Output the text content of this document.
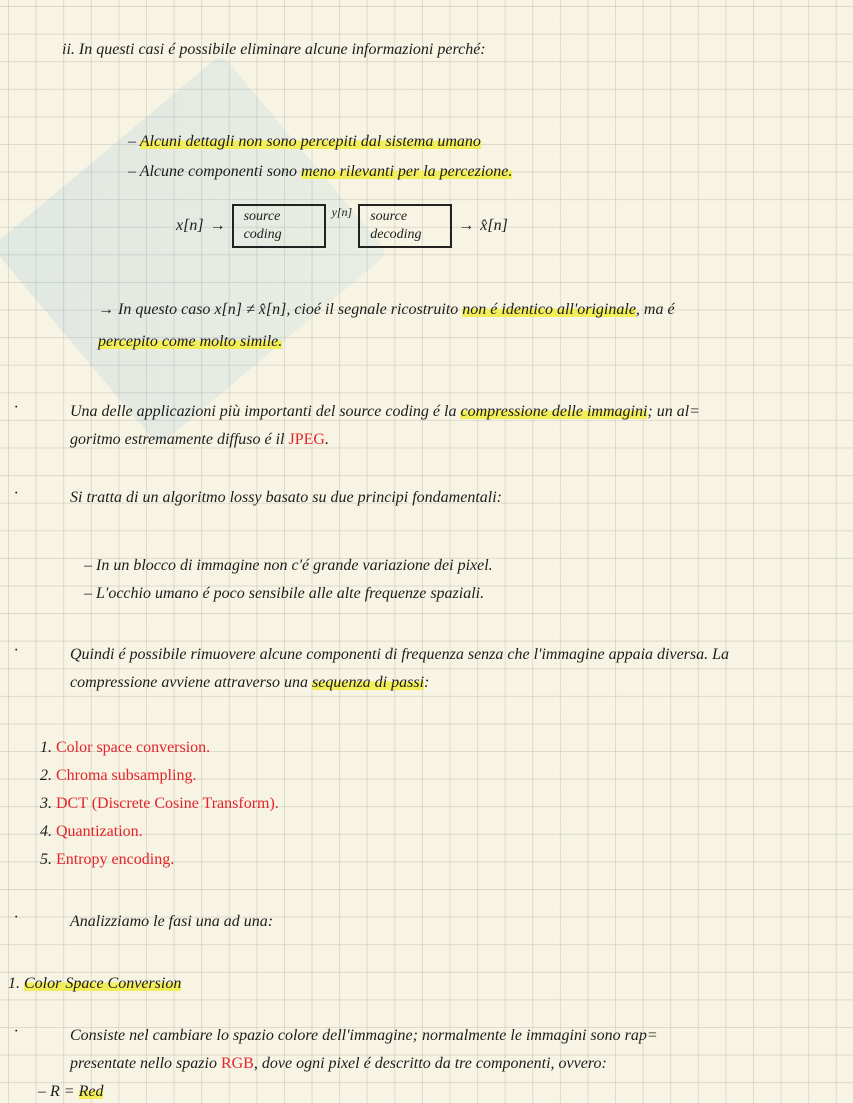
ii. In questi casi é possibile eliminare alcune informazioni perché:
– Alcuni dettagli non sono percepiti dal sistema umano
– Alcune componenti sono meno rilevanti per la percezione.
→ In questo caso x[n] ≠ x̂[n], cioé il segnale ricostruito non é identico all'originale, ma é
percepito come molto simile.
Una delle applicazioni più importanti del source coding é la compressione delle immagini; un al=
goritmo estremamente diffuso é il JPEG.
Si tratta di un algoritmo lossy basato su due principi fondamentali:
– In un blocco di immagine non c'é grande variazione dei pixel.
– L'occhio umano é poco sensibile alle alte frequenze spaziali.
Quindi é possibile rimuovere alcune componenti di frequenza senza che l'immagine appaia diversa. La
compressione avviene attraverso una sequenza di passi:
1. Color space conversion.
2. Chroma subsampling.
3. DCT (Discrete Cosine Transform).
4. Quantization.
5. Entropy encoding.
Analizziamo le fasi una ad una:
1. Color Space Conversion
Consiste nel cambiare lo spazio colore dell'immagine; normalmente le immagini sono rap=
presentate nello spazio RGB, dove ogni pixel é descritto da tre componenti, ovvero:
– R = Red
·
·
·
·
·
x[n] →
source coding
y[n]	source decoding
→ x̂[n]
